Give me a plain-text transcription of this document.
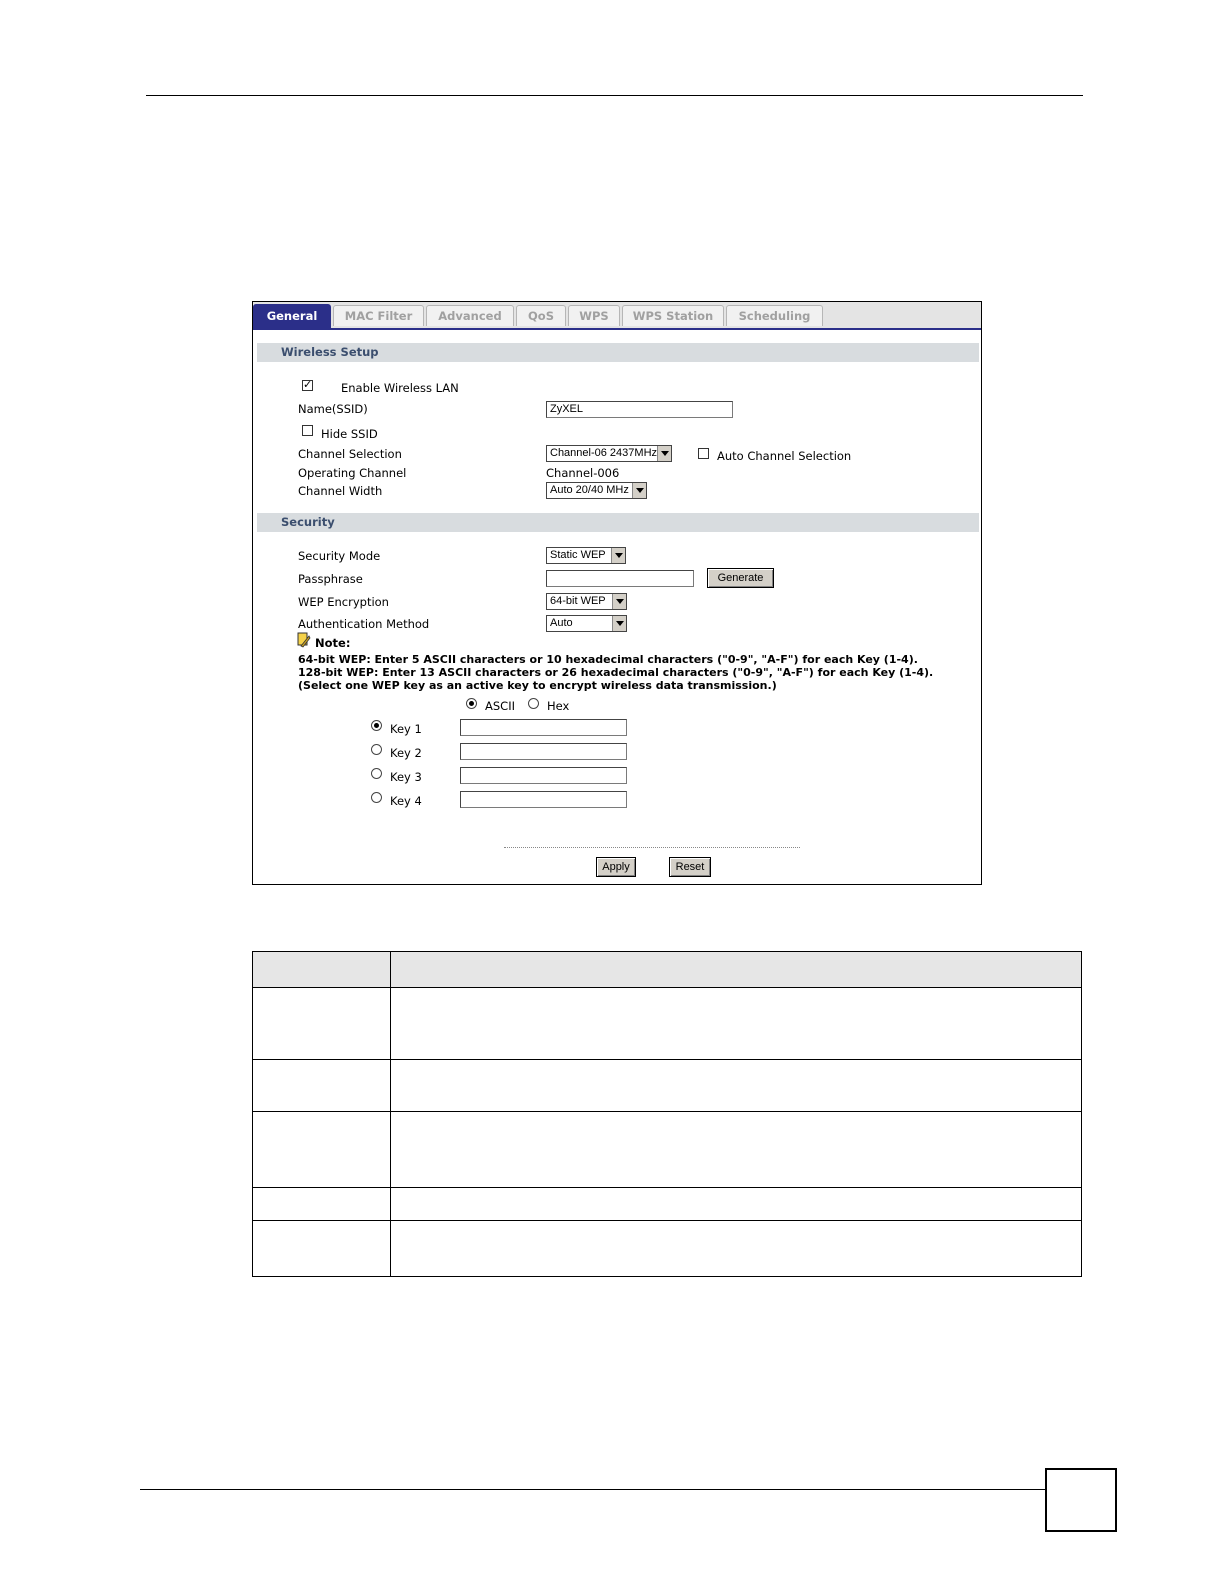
General	MAC Filter	Advanced	QoS	WPS	WPS Station	Scheduling
Wireless Setup
✓	Enable Wireless LAN
Name(SSID)	ZyXEL
Hide SSID
Channel Selection	Channel-06 2437MHz	Auto Channel Selection
Operating Channel	Channel-006
Channel Width	Auto 20/40 MHz
Security
Security Mode	Static WEP
Passphrase	Generate
WEP Encryption	64-bit WEP
Authentication Method	Auto
Note:
64-bit WEP: Enter 5 ASCII characters or 10 hexadecimal characters ("0-9", "A-F") for each Key (1-4).
128-bit WEP: Enter 13 ASCII characters or 26 hexadecimal characters ("0-9", "A-F") for each Key (1-4).
(Select one WEP key as an active key to encrypt wireless data transmission.)
ASCII	Hex
Key 1
Key 2
Key 3
Key 4
Apply	Reset
